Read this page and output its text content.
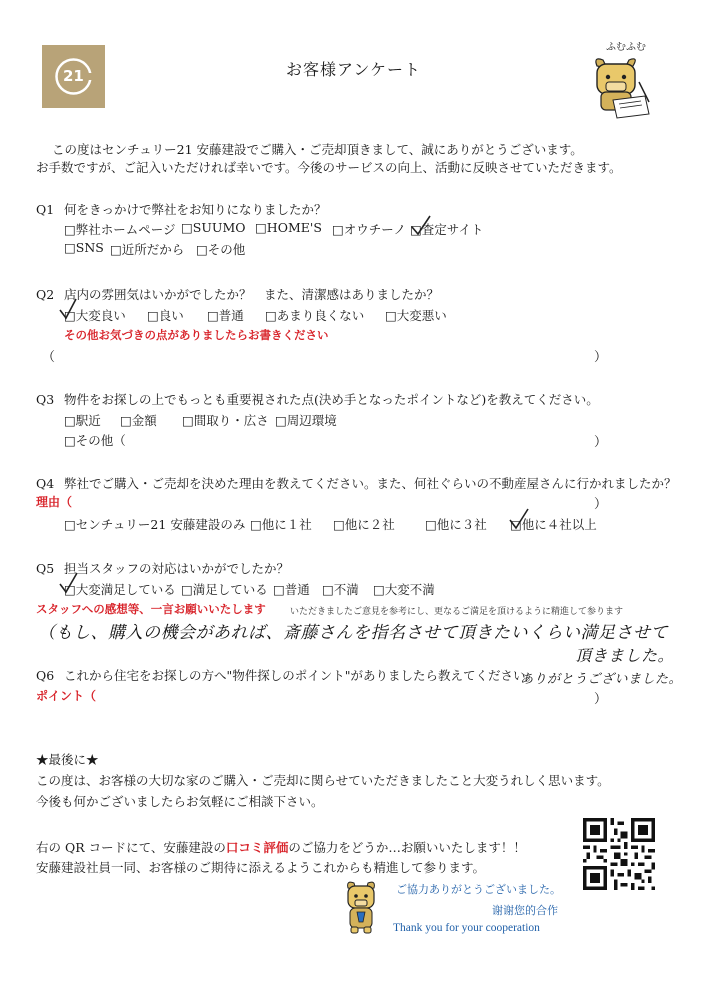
21	お客様アンケート
ふむふむ
この度はセンチュリー21 安藤建設でご購入・ご売却頂きまして、誠にありがとうございます。
お手数ですが、ご記入いただければ幸いです。今後のサービスの向上、活動に反映させていただきます。
Q1 何をきっかけで弊社をお知りになりましたか？
□弊社ホームページ □SUUMO □HOME'S □オウチーノ □査定サイト
□SNS □近所だから □その他
Q2 店内の雰囲気はいかがでしたか？　また、清潔感はありましたか？
□大変良い □良い □普通 □あまり良くない □大変悪い
その他お気づきの点がありましたらお書きください
（	）
Q3 物件をお探しの上でもっとも重要視された点(決め手となったポイントなど)を教えてください。
□駅近 □金額 □間取り・広さ □周辺環境
□その他（	）
Q4 弊社でご購入・ご売却を決めた理由を教えてください。また、何社ぐらいの不動産屋さんに行かれましたか？
理由（	）
□センチュリー21 安藤建設のみ □他に１社 □他に２社 □他に３社 □他に４社以上
Q5 担当スタッフの対応はいかがでしたか？
□大変満足している □満足している □普通 □不満 □大変不満
スタッフへの感想等、一言お願いいたします	いただきましたご意見を参考にし、更なるご満足を頂けるように精進して参ります
（もし、購入の機会があれば、斎藤さんを指名させて頂きたいくらい満足させて
頂きました。
ありがとうございました。
Q6 これから住宅をお探しの方へ"物件探しのポイント"がありましたら教えてください。
ポイント（	）
★最後に★
この度は、お客様の大切な家のご購入・ご売却に関らせていただきましたこと大変うれしく思います。
今後も何かございましたらお気軽にご相談下さい。
右の QR コードにて、安藤建設の口コミ評価のご協力をどうか…お願いいたします！！
安藤建設社員一同、お客様のご期待に添えるようこれからも精進して参ります。
ご協力ありがとうございました。
谢谢您的合作
Thank you for your cooperation
